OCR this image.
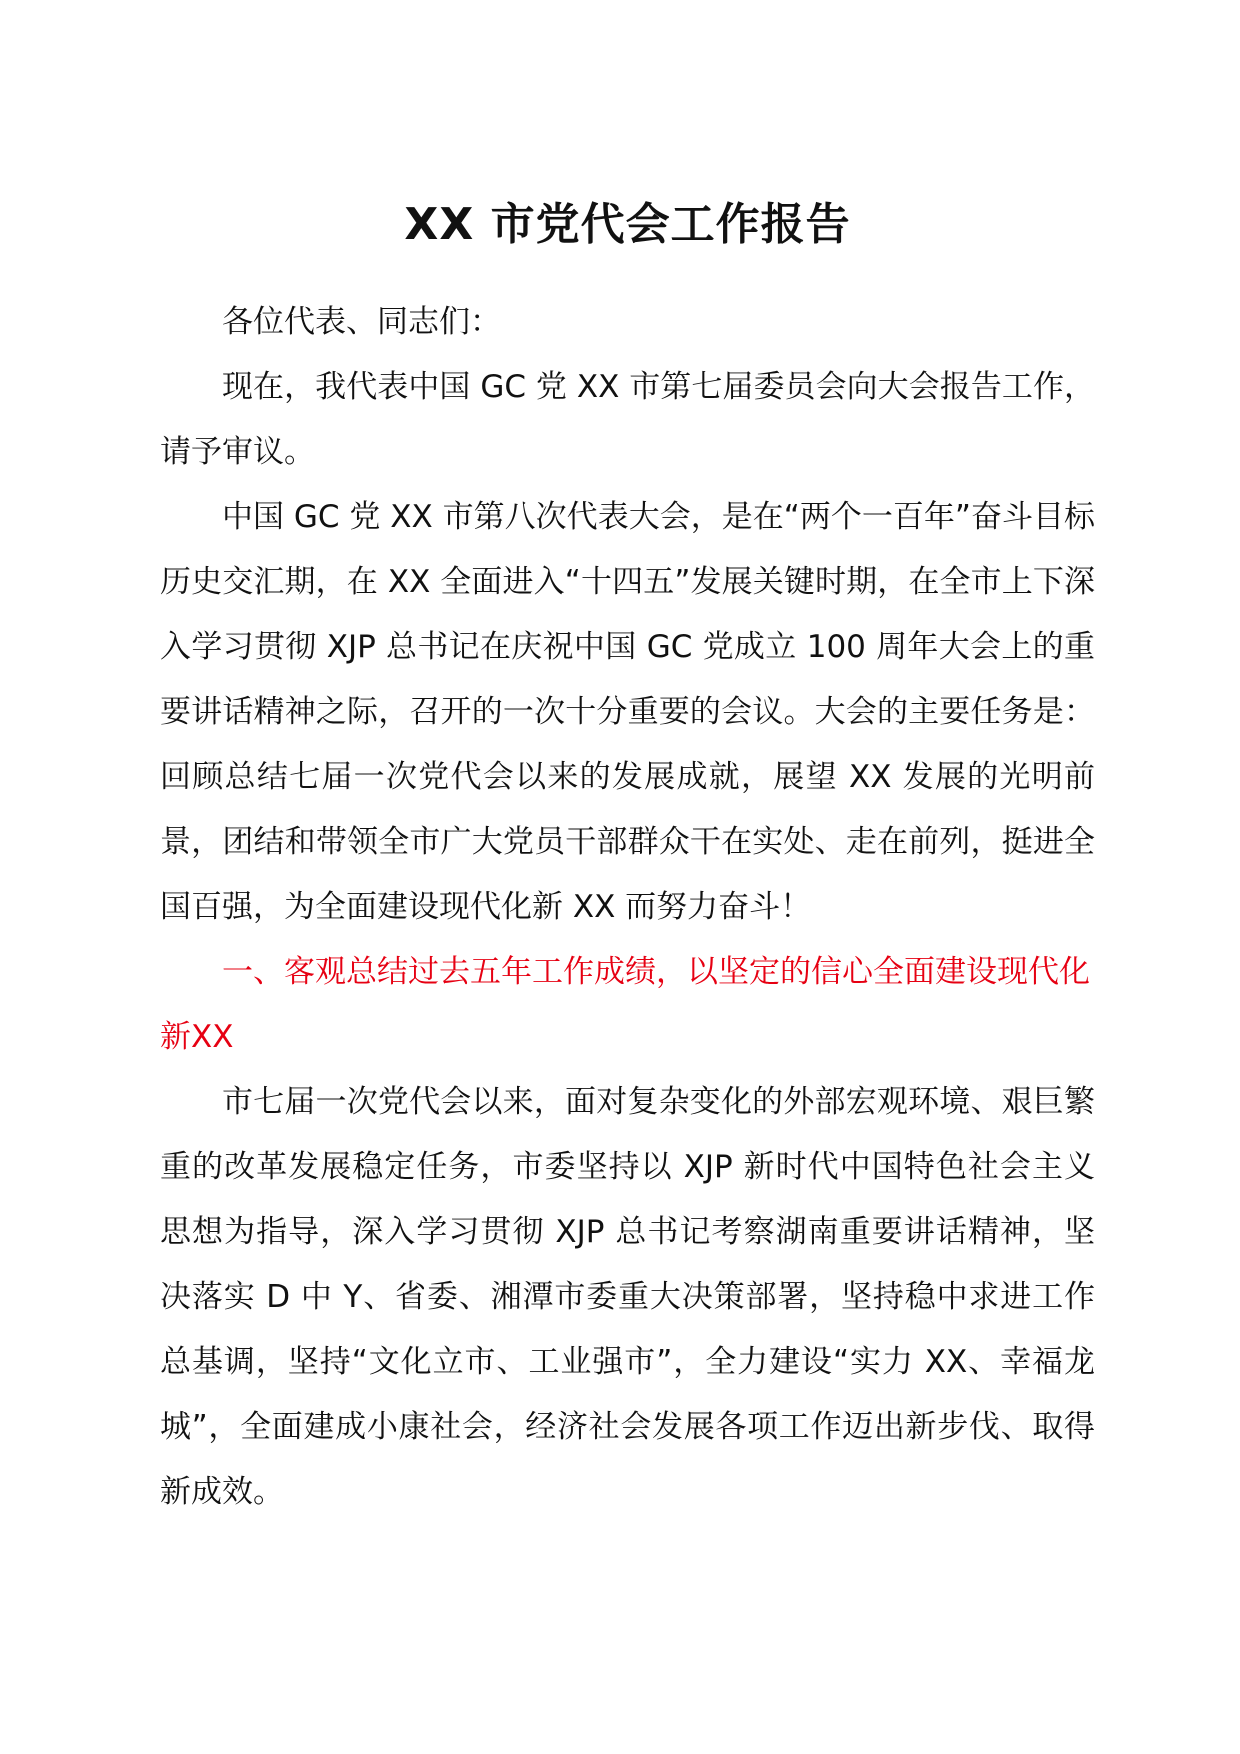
XX 市党代会工作报告

各位代表、同志们：

现在，我代表中国 GC 党 XX 市第七届委员会向大会报告工作，请予审议。

中国 GC 党 XX 市第八次代表大会，是在“两个一百年”奋斗目标历史交汇期，在 XX 全面进入“十四五”发展关键时期，在全市上下深入学习贯彻 XJP 总书记在庆祝中国 GC 党成立 100 周年大会上的重要讲话精神之际，召开的一次十分重要的会议。大会的主要任务是：回顾总结七届一次党代会以来的发展成就，展望 XX 发展的光明前景，团结和带领全市广大党员干部群众干在实处、走在前列，挺进全国百强，为全面建设现代化新 XX 而努力奋斗！

一、客观总结过去五年工作成绩，以坚定的信心全面建设现代化新XX

市七届一次党代会以来，面对复杂变化的外部宏观环境、艰巨繁重的改革发展稳定任务，市委坚持以 XJP 新时代中国特色社会主义思想为指导，深入学习贯彻 XJP 总书记考察湖南重要讲话精神，坚决落实 D 中 Y、省委、湘潭市委重大决策部署，坚持稳中求进工作总基调，坚持“文化立市、工业强市”，全力建设“实力 XX、幸福龙城”，全面建成小康社会，经济社会发展各项工作迈出新步伐、取得新成效。
